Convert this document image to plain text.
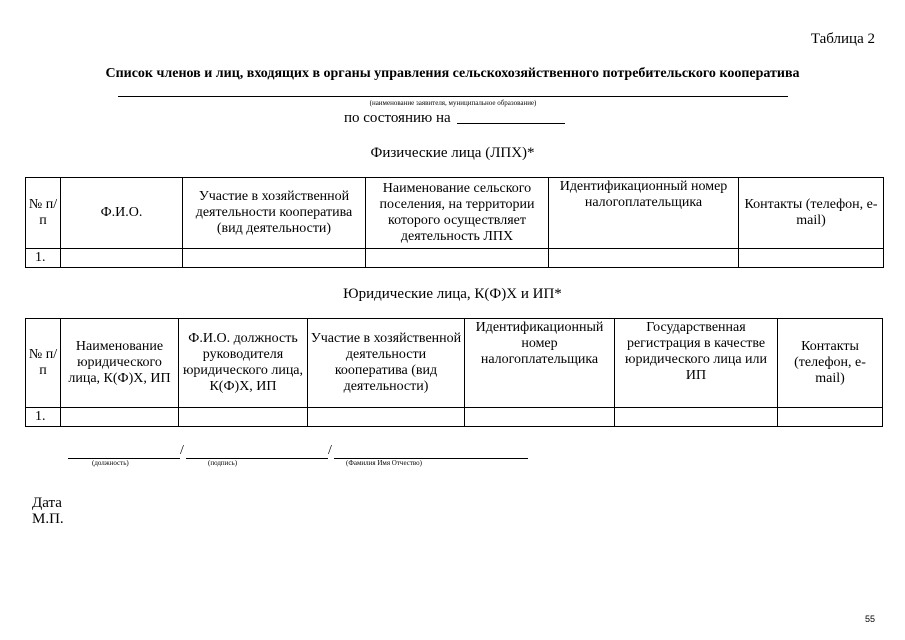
Таблица 2
Список членов и лиц, входящих в органы управления сельскохозяйственного потребительского кооператива
(наименование заявителя, муниципальное образование)
по состоянию на
Физические лица (ЛПХ)*
№ п/п	Ф.И.О.	Участие в хозяйственной деятельности кооператива (вид деятельности)	Наименование сельского поселения, на территории которого осуществляет деятельность ЛПХ	Идентификационный номер налогоплательщика	Контакты (телефон, e-mail)
1.					
Юридические лица, К(Ф)Х и ИП*
№ п/п	Наименование юридического лица, К(Ф)Х, ИП	Ф.И.О. должность руководителя юридического лица, К(Ф)Х, ИП	Участие в хозяйственной деятельности кооператива (вид деятельности)	Идентификационный номер налогоплательщика	Государственная регистрация в качестве юридического лица или ИП	Контакты (телефон, e-mail)
1.						
/	/
(должность)	(подпись)	(Фамилия Имя Отчество)
Дата
М.П.
55
